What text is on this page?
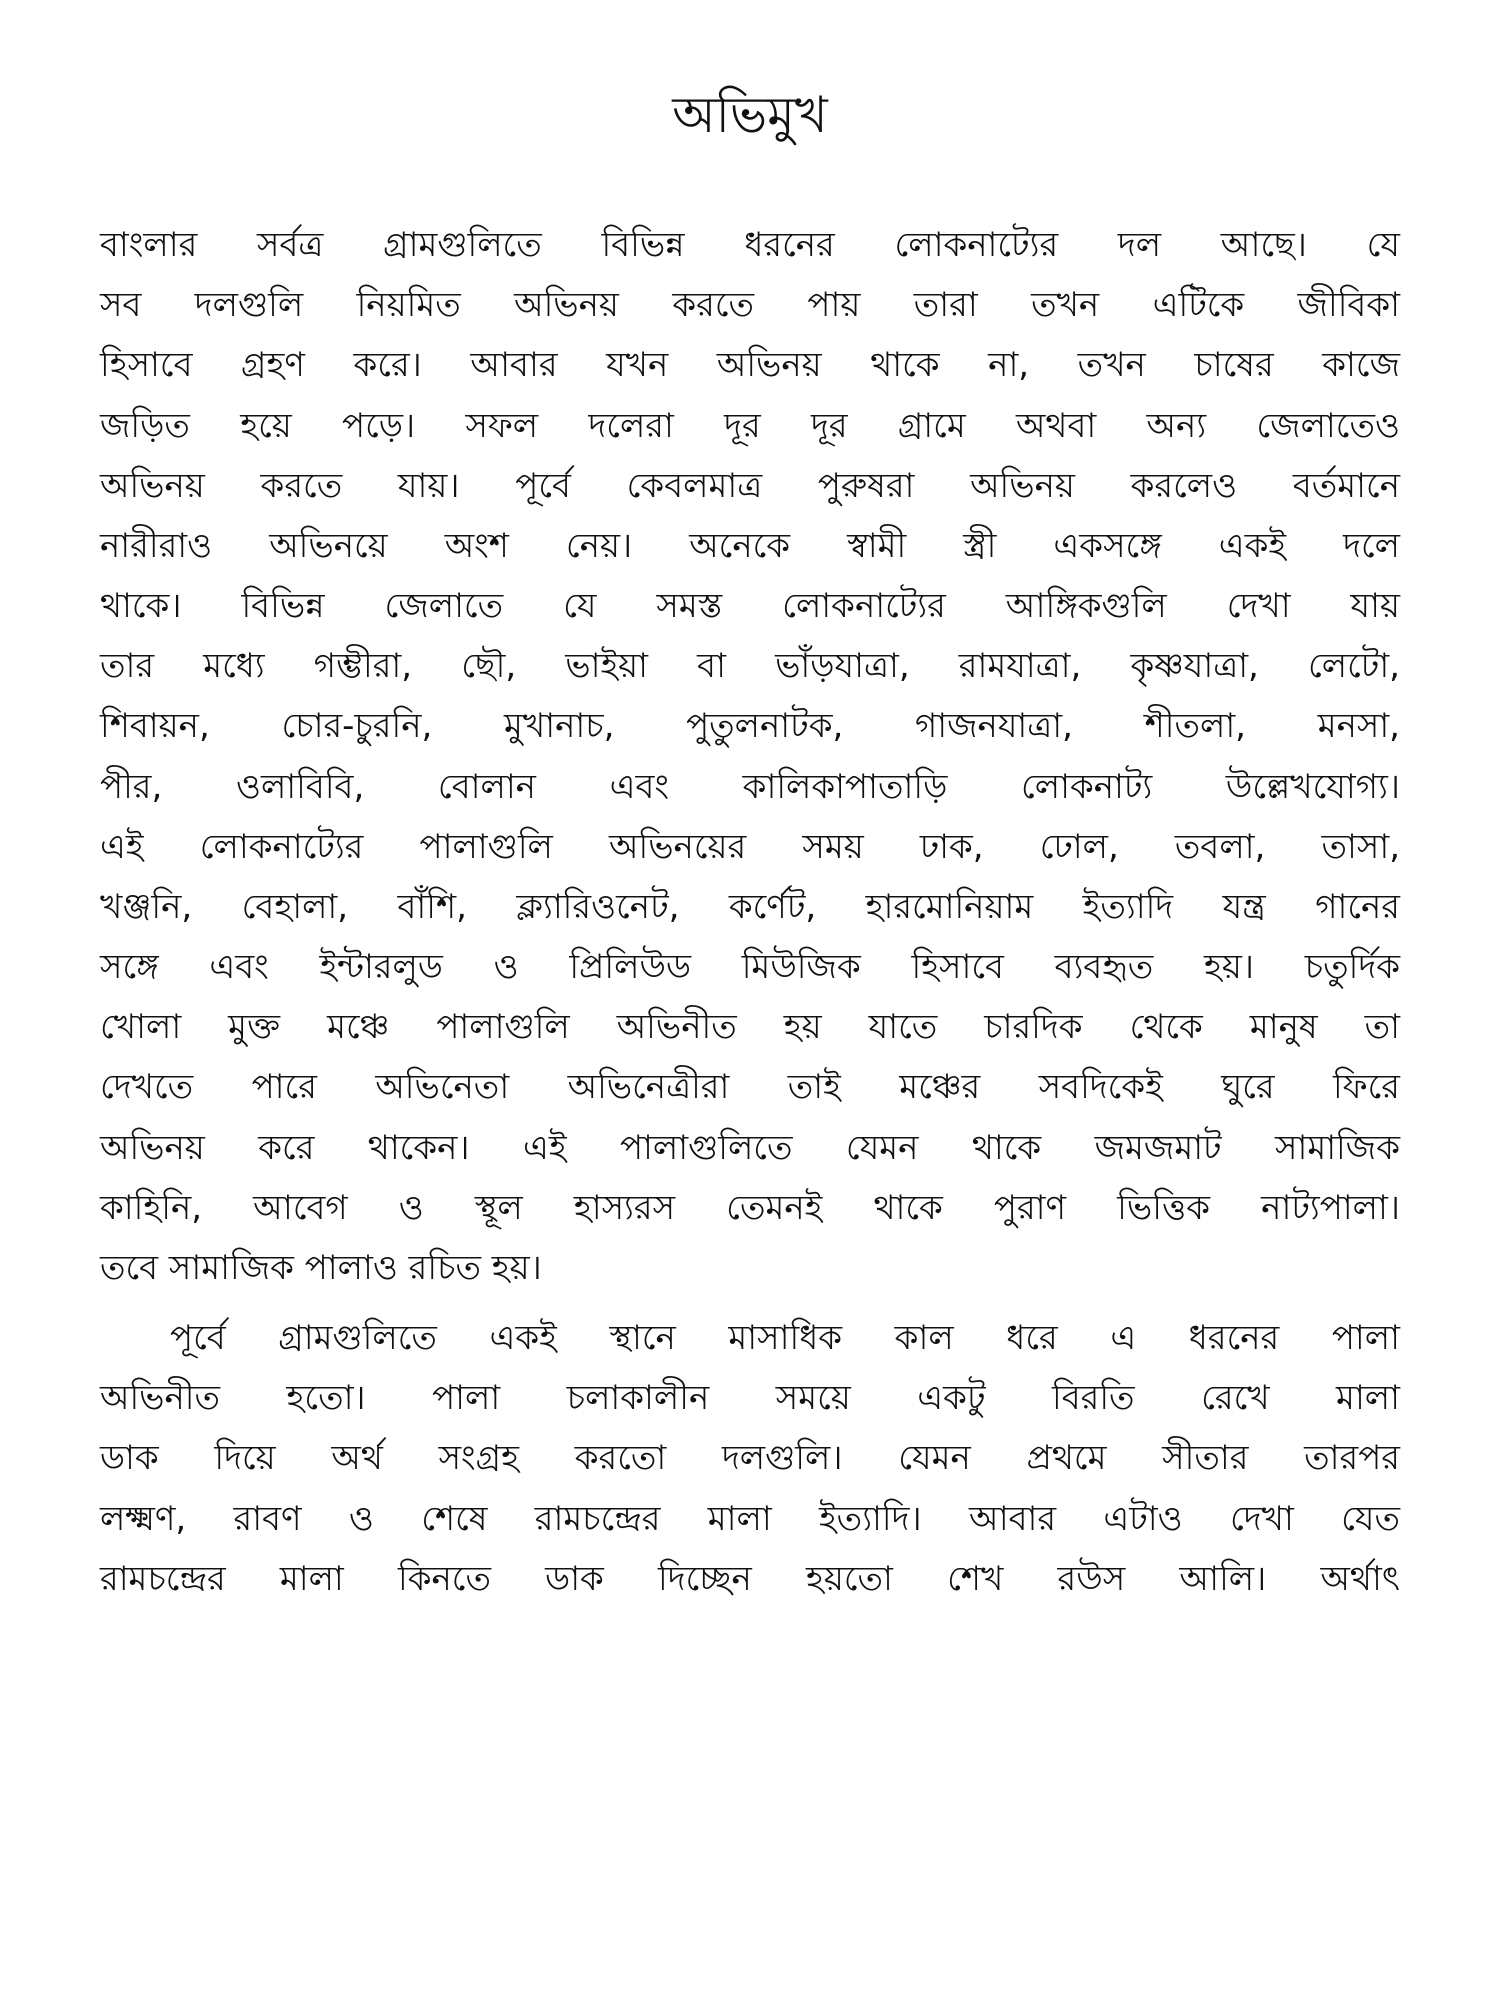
অভিমুখ
বাংলার সর্বত্র গ্রামগুলিতে বিভিন্ন ধরনের লোকনাট্যের দল আছে। যে
সব দলগুলি নিয়মিত অভিনয় করতে পায় তারা তখন এটিকে জীবিকা
হিসাবে গ্রহণ করে। আবার যখন অভিনয় থাকে না, তখন চাষের কাজে
জড়িত হয়ে পড়ে। সফল দলেরা দূর দূর গ্রামে অথবা অন্য জেলাতেও
অভিনয় করতে যায়। পূর্বে কেবলমাত্র পুরুষরা অভিনয় করলেও বর্তমানে
নারীরাও অভিনয়ে অংশ নেয়। অনেকে স্বামী স্ত্রী একসঙ্গে একই দলে
থাকে। বিভিন্ন জেলাতে যে সমস্ত লোকনাট্যের আঙ্গিকগুলি দেখা যায়
তার মধ্যে গম্ভীরা, ছৌ, ভাইয়া বা ভাঁড়যাত্রা, রামযাত্রা, কৃষ্ণযাত্রা, লেটো,
শিবায়ন, চোর-চুরনি, মুখানাচ, পুতুলনাটক, গাজনযাত্রা, শীতলা, মনসা,
পীর, ওলাবিবি, বোলান এবং কালিকাপাতাড়ি লোকনাট্য উল্লেখযোগ্য।
এই লোকনাট্যের পালাগুলি অভিনয়ের সময় ঢাক, ঢোল, তবলা, তাসা,
খঞ্জনি, বেহালা, বাঁশি, ক্ল্যারিওনেট, কর্ণেট, হারমোনিয়াম ইত্যাদি যন্ত্র গানের
সঙ্গে এবং ইন্টারলুড ও প্রিলিউড মিউজিক হিসাবে ব্যবহৃত হয়। চতুর্দিক
খোলা মুক্ত মঞ্চে পালাগুলি অভিনীত হয় যাতে চারদিক থেকে মানুষ তা
দেখতে পারে অভিনেতা অভিনেত্রীরা তাই মঞ্চের সবদিকেই ঘুরে ফিরে
অভিনয় করে থাকেন। এই পালাগুলিতে যেমন থাকে জমজমাট সামাজিক
কাহিনি, আবেগ ও স্থূল হাস্যরস তেমনই থাকে পুরাণ ভিত্তিক নাট্যপালা।
তবে সামাজিক পালাও রচিত হয়।
পূর্বে গ্রামগুলিতে একই স্থানে মাসাধিক কাল ধরে এ ধরনের পালা
অভিনীত হতো। পালা চলাকালীন সময়ে একটু বিরতি রেখে মালা
ডাক দিয়ে অর্থ সংগ্রহ করতো দলগুলি। যেমন প্রথমে সীতার তারপর
লক্ষ্মণ, রাবণ ও শেষে রামচন্দ্রের মালা ইত্যাদি। আবার এটাও দেখা যেত
রামচন্দ্রের মালা কিনতে ডাক দিচ্ছেন হয়তো শেখ রউস আলি। অর্থাৎ
